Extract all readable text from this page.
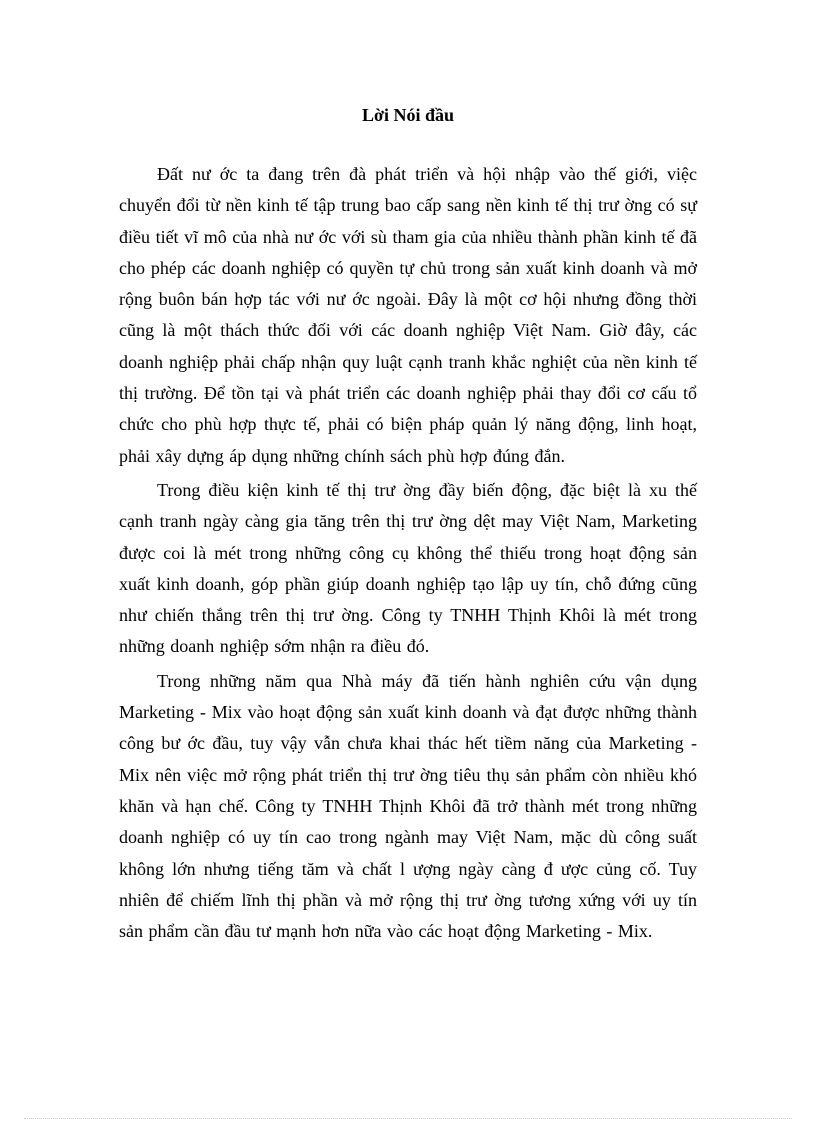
Lời Nói đầu

Đất nư ớc ta đang trên đà phát triển và hội nhập vào thế giới, việc chuyển đổi từ nền kinh tế tập trung bao cấp sang nền kinh tế thị trư ờng có sự điều tiết vĩ mô của nhà nư ớc với sù tham gia của nhiều thành phần kinh tế đã cho phép các doanh nghiệp có quyền tự chủ trong sản xuất kinh doanh và mở rộng buôn bán hợp tác với nư ớc ngoài. Đây là một cơ hội nhưng đồng thời cũng là một thách thức đối với các doanh nghiệp Việt Nam. Giờ đây, các doanh nghiệp phải chấp nhận quy luật cạnh tranh khắc nghiệt của nền kinh tế thị trường. Để tồn tại và phát triển các doanh nghiệp phải thay đổi cơ cấu tổ chức cho phù hợp thực tế, phải có biện pháp quản lý năng động, linh hoạt, phải xây dựng áp dụng những chính sách phù hợp đúng đắn.

Trong điều kiện kinh tế thị trư ờng đầy biến động, đặc biệt là xu thế cạnh tranh ngày càng gia tăng trên thị trư ờng dệt may Việt Nam, Marketing được coi là mét trong những công cụ không thể thiếu trong hoạt động sản xuất kinh doanh, góp phần giúp doanh nghiệp tạo lập uy tín, chỗ đứng cũng như chiến thắng trên thị trư ờng. Công ty TNHH Thịnh Khôi là mét trong những doanh nghiệp sớm nhận ra điều đó.

Trong những năm qua Nhà máy đã tiến hành nghiên cứu vận dụng Marketing - Mix vào hoạt động sản xuất kinh doanh và đạt được những thành công bư ớc đầu, tuy vậy vẫn chưa khai thác hết tiềm năng của Marketing - Mix nên việc mở rộng phát triển thị trư ờng tiêu thụ sản phẩm còn nhiều khó khăn và hạn chế. Công ty TNHH Thịnh Khôi đã trở thành mét trong những doanh nghiệp có uy tín cao trong ngành may Việt Nam, mặc dù công suất không lớn nhưng tiếng tăm và chất l ượng ngày càng đ ược củng cố. Tuy nhiên để chiếm lĩnh thị phần và mở rộng thị trư ờng tương xứng với uy tín sản phẩm cần đầu tư mạnh hơn nữa vào các hoạt động Marketing - Mix.
